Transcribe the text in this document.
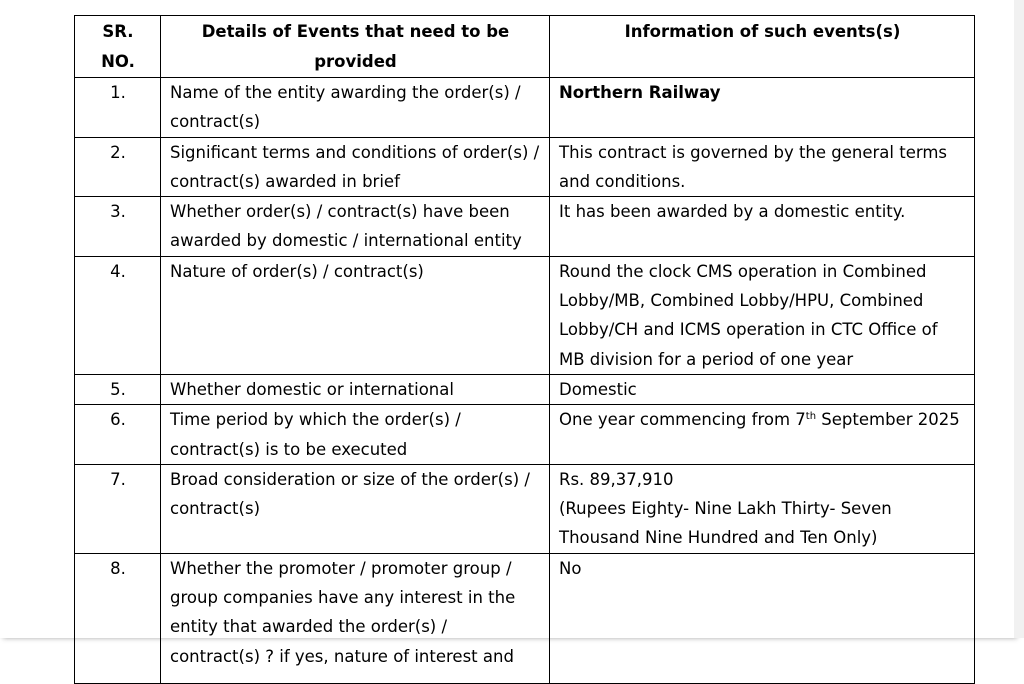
SR. NO.	Details of Events that need to be provided	Information of such events(s)
1.	Name of the entity awarding the order(s) / contract(s)	Northern Railway
2.	Significant terms and conditions of order(s) / contract(s) awarded in brief	This contract is governed by the general terms and conditions.
3.	Whether order(s) / contract(s) have been awarded by domestic / international entity	It has been awarded by a domestic entity.
4.	Nature of order(s) / contract(s)	Round the clock CMS operation in Combined Lobby/MB, Combined Lobby/HPU, Combined Lobby/CH and ICMS operation in CTC Office of MB division for a period of one year
5.	Whether domestic or international	Domestic
6.	Time period by which the order(s) / contract(s) is to be executed	One year commencing from 7th September 2025
7.	Broad consideration or size of the order(s) / contract(s)	Rs. 89,37,910
(Rupees Eighty- Nine Lakh Thirty- Seven Thousand Nine Hundred and Ten Only)

8.	Whether the promoter / promoter group / group companies have any interest in the entity that awarded the order(s) / contract(s) ? if yes, nature of interest and	No
